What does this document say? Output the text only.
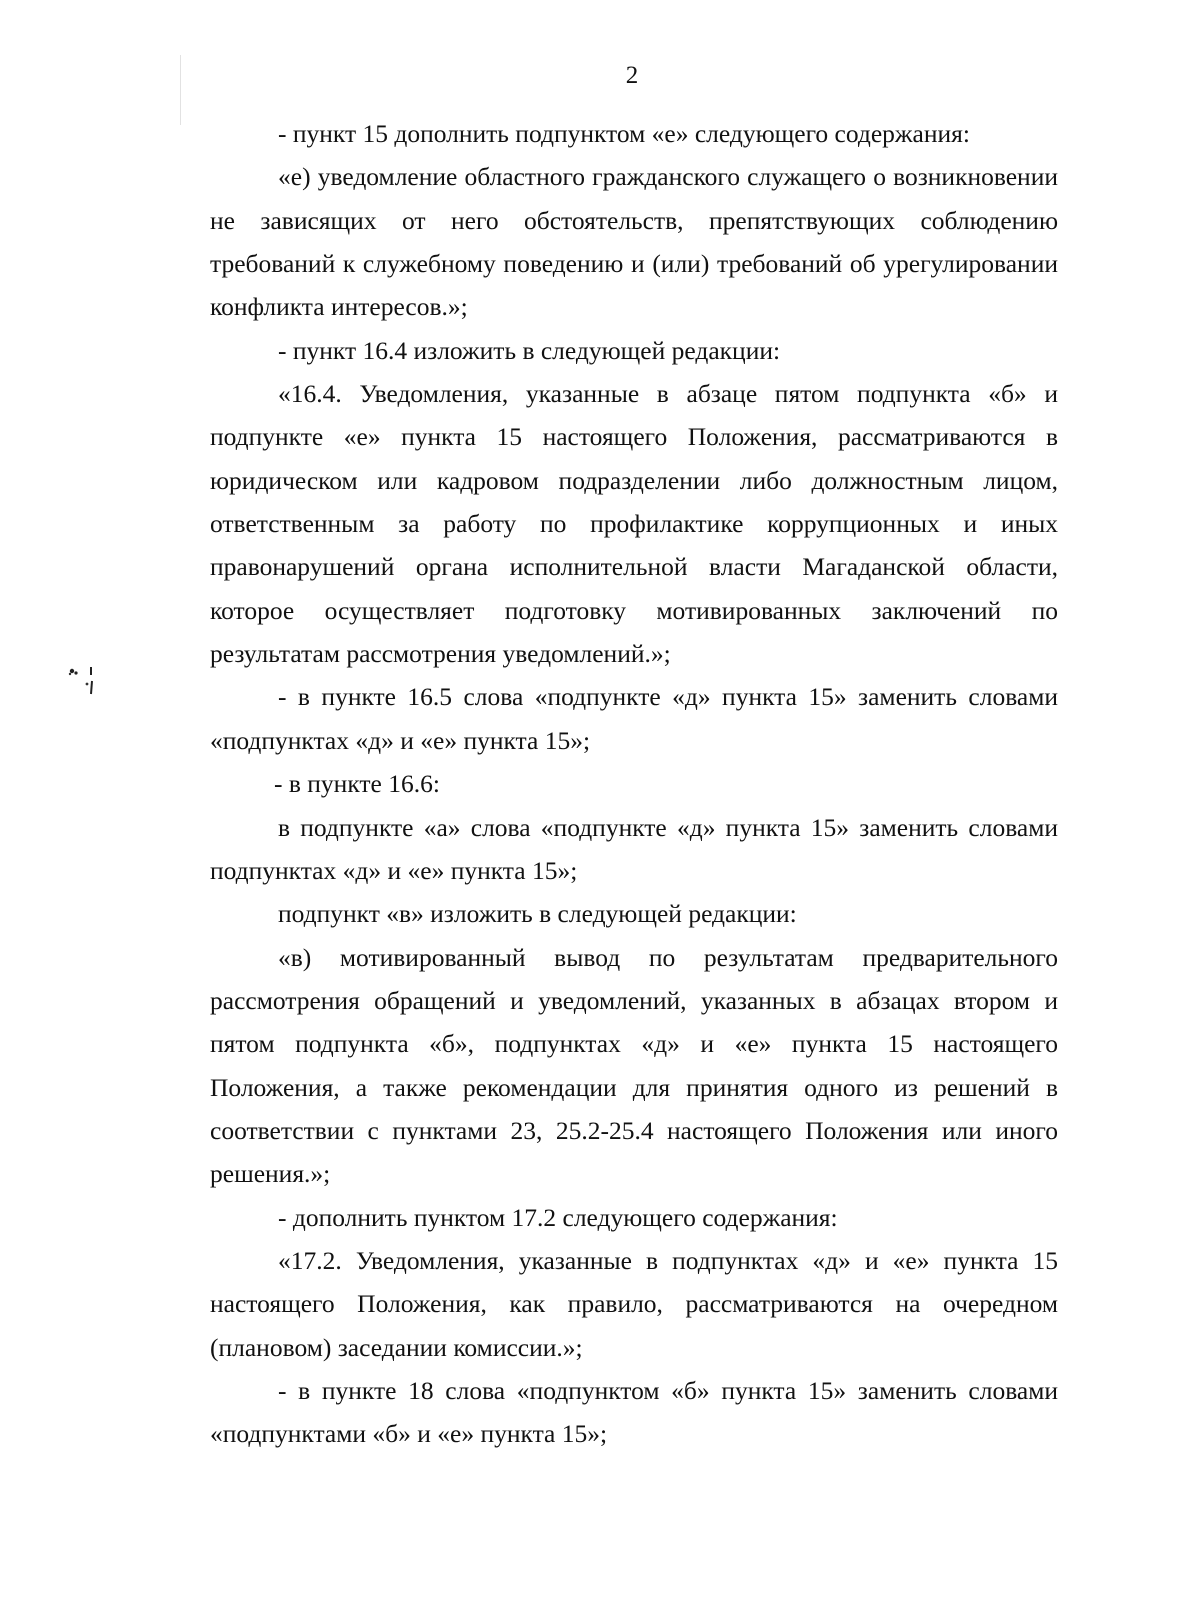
2

- пункт 15 дополнить подпунктом «е» следующего содержания:

«е) уведомление областного гражданского служащего о возникновении не зависящих от него обстоятельств, препятствующих соблюдению требований к служебному поведению и (или) требований об урегулировании конфликта интересов.»;

- пункт 16.4 изложить в следующей редакции:

«16.4. Уведомления, указанные в абзаце пятом подпункта «б» и подпункте «е» пункта 15 настоящего Положения, рассматриваются в юридическом или кадровом подразделении либо должностным лицом, ответственным за работу по профилактике коррупционных и иных правонарушений органа исполнительной власти Магаданской области, которое осуществляет подготовку мотивированных заключений по результатам рассмотрения уведомлений.»;

- в пункте 16.5 слова «подпункте «д» пункта 15» заменить словами «подпунктах «д» и «е» пункта 15»;

- в пункте 16.6:

в подпункте «а» слова «подпункте «д» пункта 15» заменить словами подпунктах «д» и «е» пункта 15»;

подпункт «в» изложить в следующей редакции:

«в) мотивированный вывод по результатам предварительного рассмотрения обращений и уведомлений, указанных в абзацах втором и пятом подпункта «б», подпунктах «д» и «е» пункта 15 настоящего Положения, а также рекомендации для принятия одного из решений в соответствии с пунктами 23, 25.2-25.4 настоящего Положения или иного решения.»;

- дополнить пунктом 17.2 следующего содержания:

«17.2. Уведомления, указанные в подпунктах «д» и «е» пункта 15 настоящего Положения, как правило, рассматриваются на очередном (плановом) заседании комиссии.»;

- в пункте 18 слова «подпунктом «б» пункта 15» заменить словами «подпунктами «б» и «е» пункта 15»;
